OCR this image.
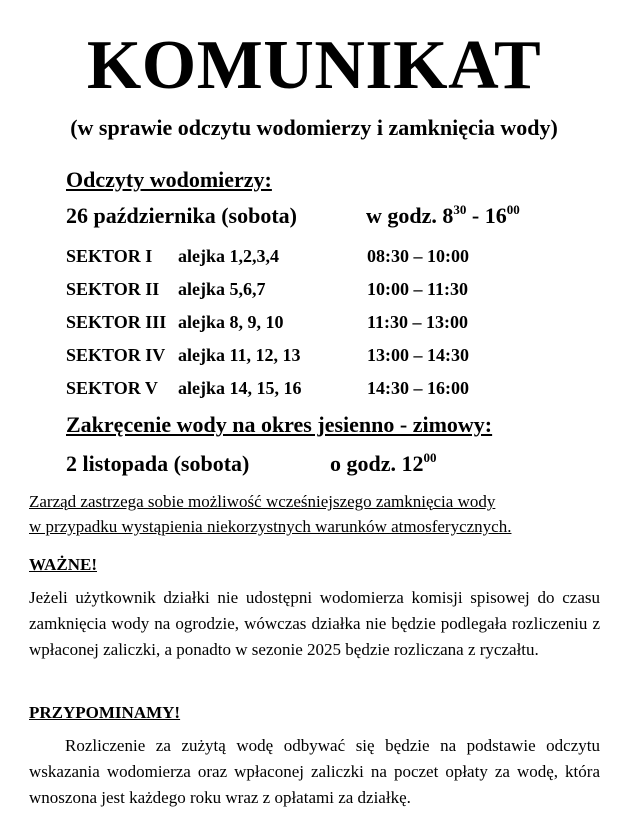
KOMUNIKAT
(w sprawie odczytu wodomierzy i zamknięcia wody)
Odczyty wodomierzy:
26 października (sobota)	w godz. $8^{30} - 16^{00}$
SEKTOR I alejka 1,2,3,4	08:30 – 10:00
SEKTOR II alejka 5,6,7	10:00 – 11:30
SEKTOR III alejka 8, 9, 10	11:30 – 13:00
SEKTOR IV alejka 11, 12, 13	13:00 – 14:30
SEKTOR V alejka 14, 15, 16	14:30 – 16:00
Zakręcenie wody na okres jesienno - zimowy:
2 listopada (sobota)	o godz. $12^{00}$
Zarząd zastrzega sobie możliwość wcześniejszego zamknięcia wody
w przypadku wystąpienia niekorzystnych warunków atmosferycznych.
WAŻNE!
Jeżeli użytkownik działki nie udostępni wodomierza komisji spisowej do czasu zamknięcia wody na ogrodzie, wówczas działka nie będzie podlegała rozliczeniu z wpłaconej zaliczki, a ponadto w sezonie 2025 będzie rozliczana z ryczałtu.
PRZYPOMINAMY!
Rozliczenie za zużytą wodę odbywać się będzie na podstawie odczytu wskazania wodomierza oraz wpłaconej zaliczki na poczet opłaty za wodę, która wnoszona jest każdego roku wraz z opłatami za działkę.
